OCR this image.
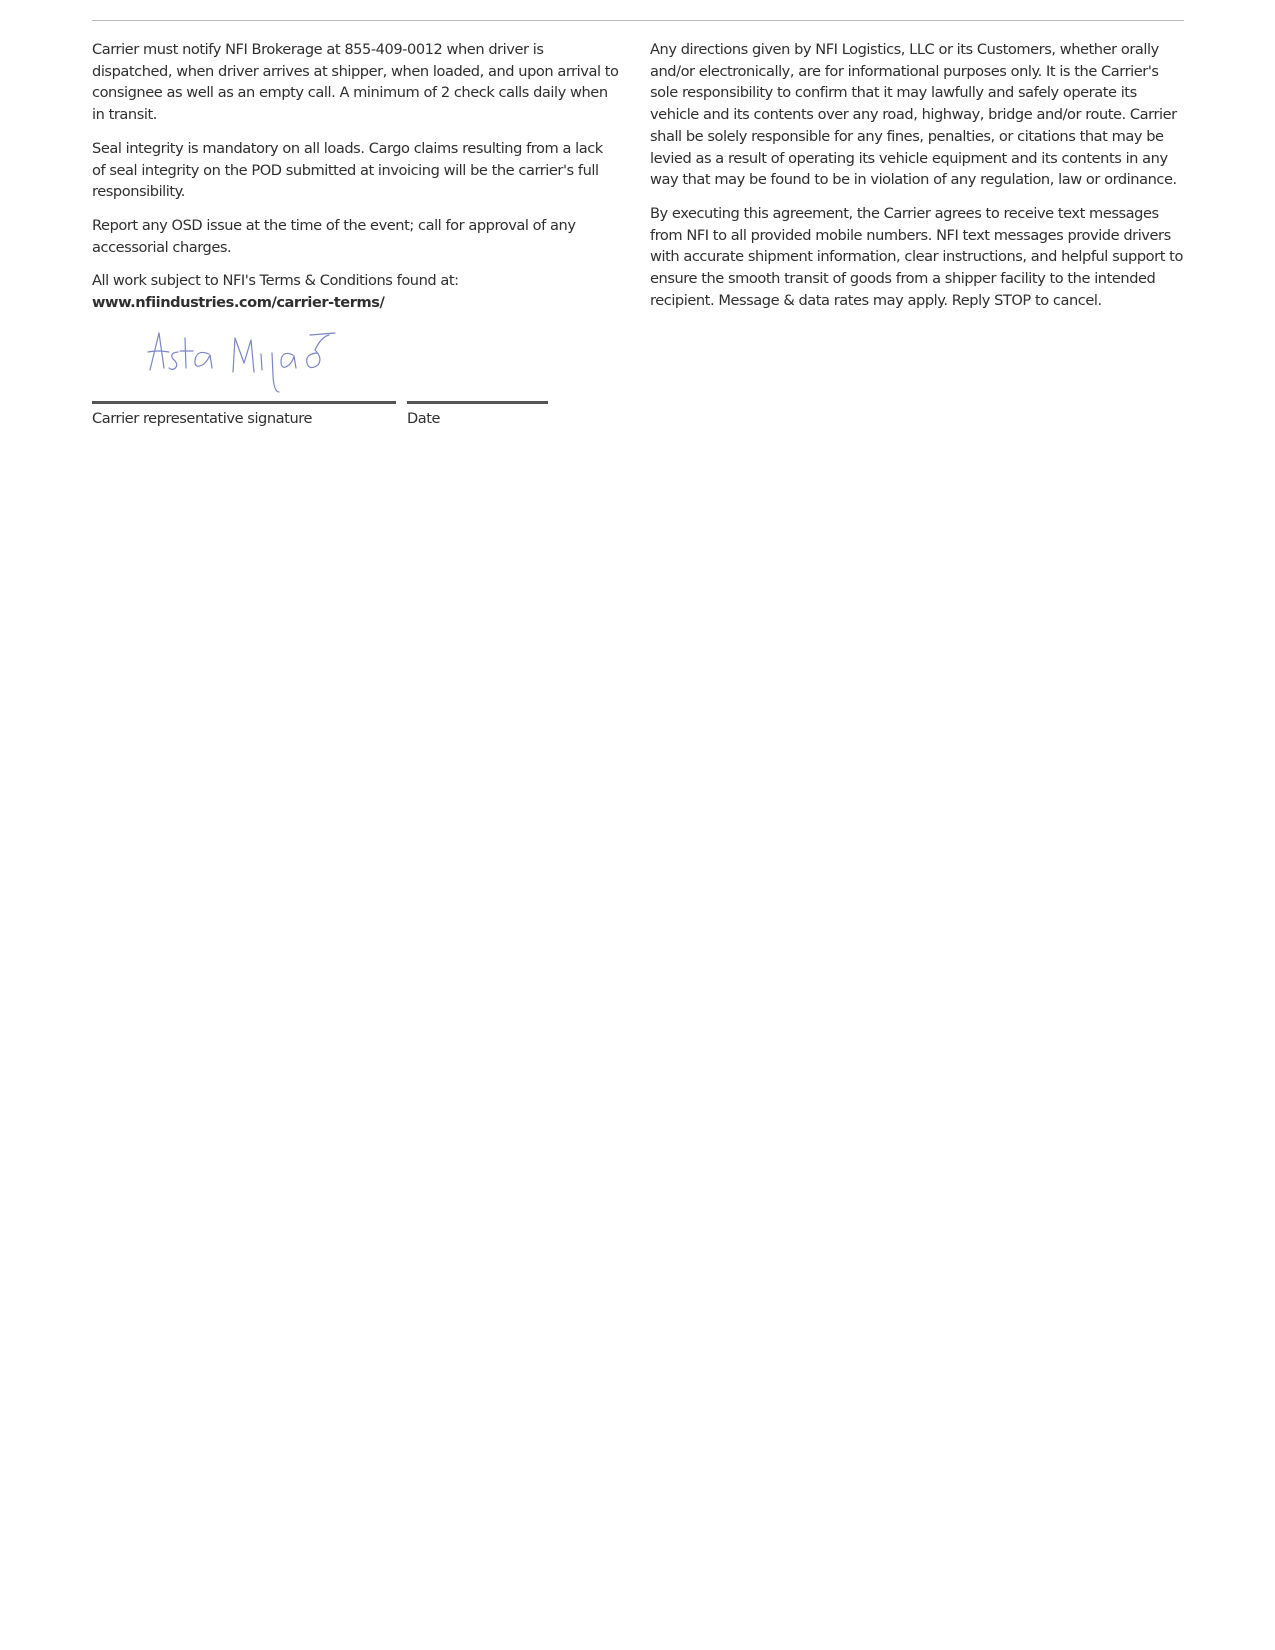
Carrier must notify NFI Brokerage at 855-409-0012 when driver is dispatched, when driver arrives at shipper, when loaded, and upon arrival to consignee as well as an empty call. A minimum of 2 check calls daily when in transit.

Seal integrity is mandatory on all loads. Cargo claims resulting from a lack of seal integrity on the POD submitted at invoicing will be the carrier's full responsibility.

Report any OSD issue at the time of the event; call for approval of any accessorial charges.

All work subject to NFI's Terms & Conditions found at:
www.nfiindustries.com/carrier-terms/

Any directions given by NFI Logistics, LLC or its Customers, whether orally and/or electronically, are for informational purposes only. It is the Carrier's sole responsibility to confirm that it may lawfully and safely operate its vehicle and its contents over any road, highway, bridge and/or route. Carrier shall be solely responsible for any fines, penalties, or citations that may be levied as a result of operating its vehicle equipment and its contents in any way that may be found to be in violation of any regulation, law or ordinance.

By executing this agreement, the Carrier agrees to receive text messages from NFI to all provided mobile numbers. NFI text messages provide drivers with accurate shipment information, clear instructions, and helpful support to ensure the smooth transit of goods from a shipper facility to the intended recipient. Message & data rates may apply. Reply STOP to cancel.

Carrier representative signature	Date
